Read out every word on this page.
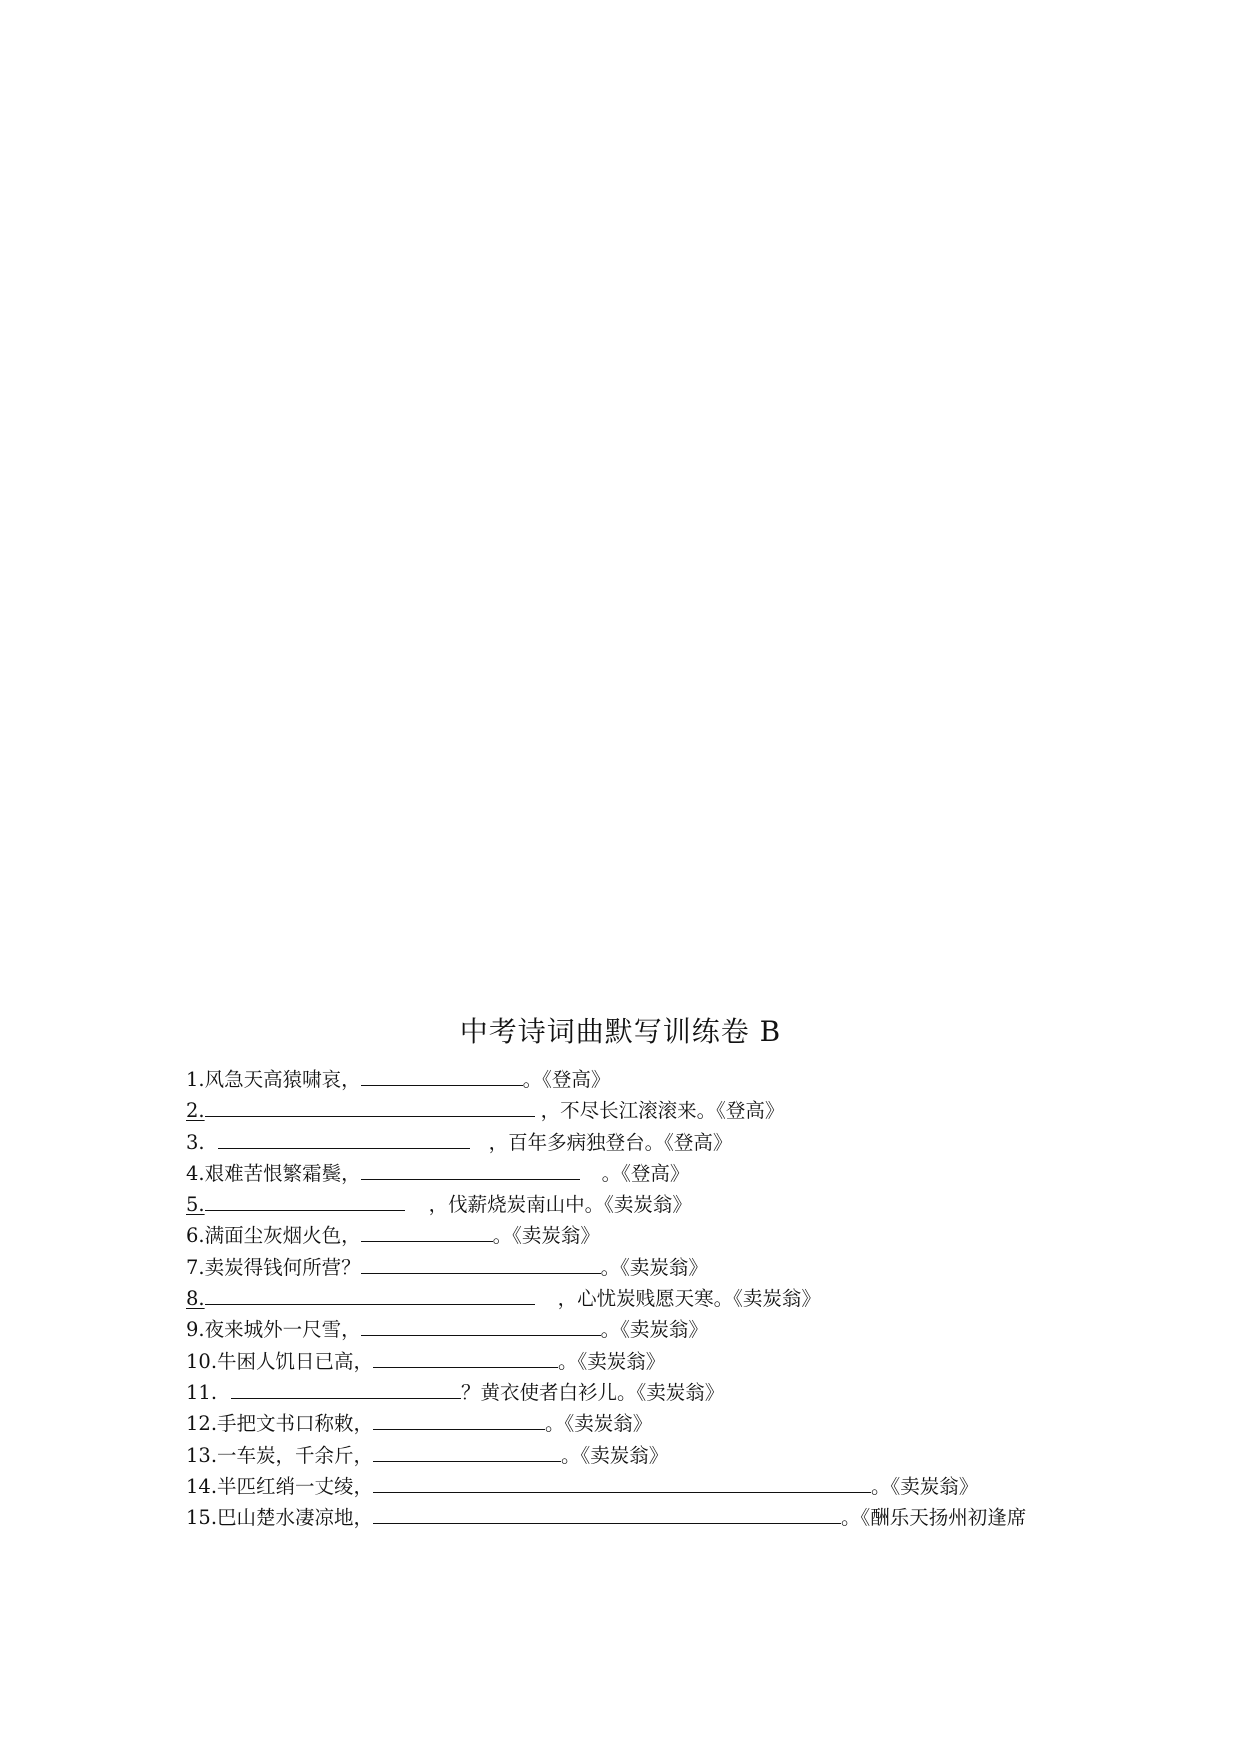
中考诗词曲默写训练卷 B
1. 风急天高猿啸哀，	。《登高》
2.	，不尽长江滚滚来。《登高》
3.	，百年多病独登台。《登高》
4. 艰难苦恨繁霜鬓，	。《登高》
5.	，伐薪烧炭南山中。《卖炭翁》
6. 满面尘灰烟火色，	。《卖炭翁》
7. 卖炭得钱何所营？	。《卖炭翁》
8.	，心忧炭贱愿天寒。《卖炭翁》
9. 夜来城外一尺雪，	。《卖炭翁》
10. 牛困人饥日已高，	。《卖炭翁》
11.	？黄衣使者白衫儿。《卖炭翁》
12. 手把文书口称敕，	。《卖炭翁》
13. 一车炭，千余斤，	。《卖炭翁》
14. 半匹红绡一丈绫，	。《卖炭翁》
15. 巴山楚水凄凉地，	。《酬乐天扬州初逢席
